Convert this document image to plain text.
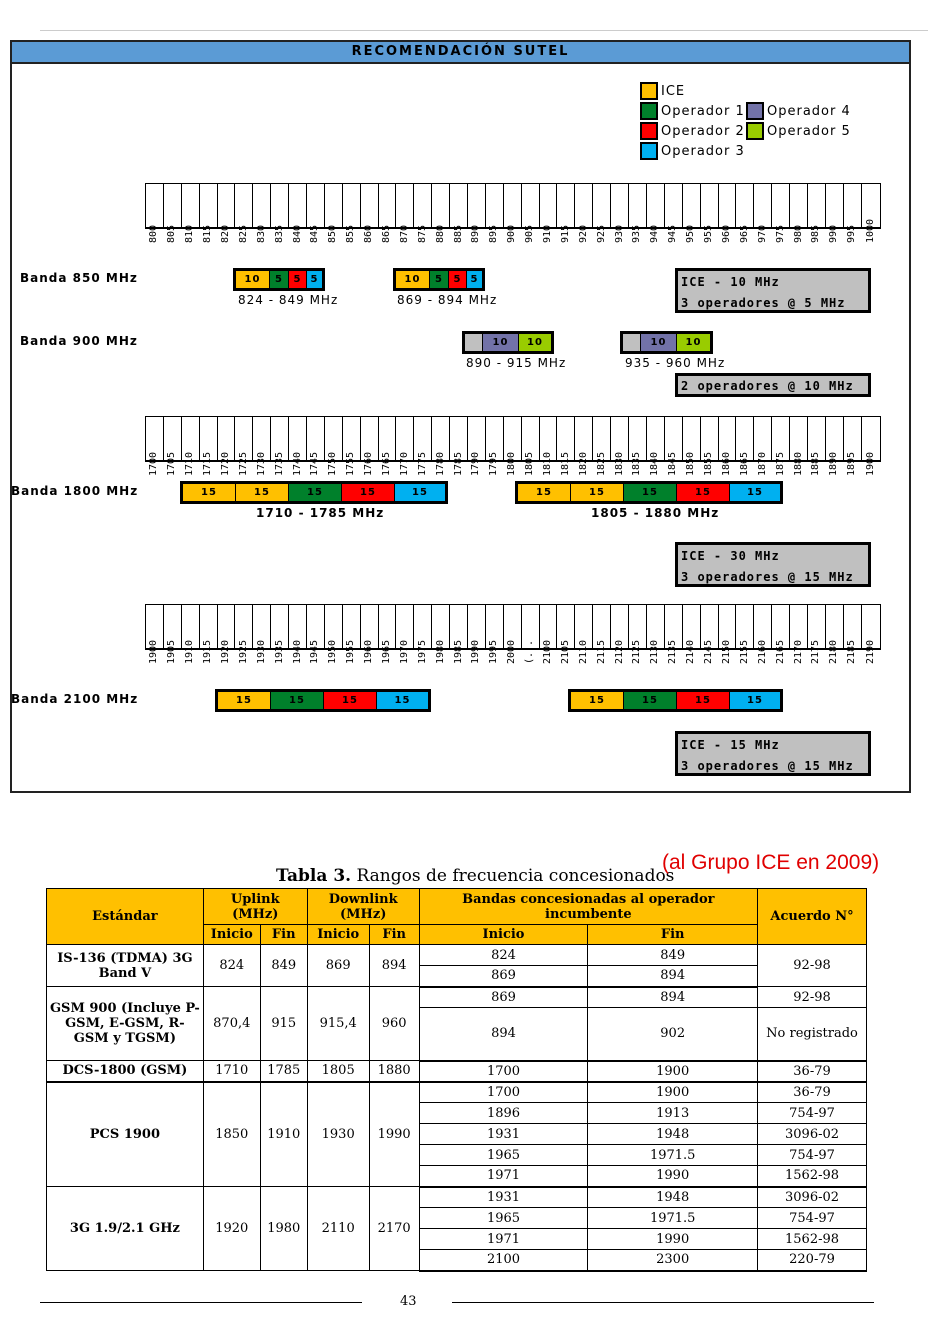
RECOMENDACIÓN SUTEL
ICE
Operador 1
Operador 2
Operador 3
Operador 4
Operador 5
800 805 810 815 820 825 830 835 840 845 850 855 860 865 870 875 880 885 890 895 900 905 910 915 920 925 930 935 940 945 950 955 960 965 970 975 980 985 990 995 1000
1700 1705 1710 1715 1720 1725 1730 1735 1740 1745 1750 1755 1760 1765 1770 1775 1780 1785 1790 1795 1800 1805 1810 1815 1820 1825 1830 1835 1840 1845 1850 1855 1860 1865 1870 1875 1880 1885 1890 1895 1900
1900 1905 1910 1915 1920 1925 1930 1935 1940 1945 1950 1955 1960 1965 1970 1975 1980 1985 1990 1995 2000 (... 2100 2105 2110 2115 2120 2125 2130 2135 2140 2145 2150 2155 2160 2165 2170 2175 2180 2185 2190
Banda 850 MHz	10	5	5 5
824 - 849 MHz
10	5	5 5
869 - 894 MHz
ICE - 10 MHz
3 operadores @ 5 MHz
Banda 900 MHz	10	10
890 - 915 MHz
10	10
935 - 960 MHz
2 operadores @ 10 MHz
Banda 1800 MHz	15	15	15	15	15
1710 - 1785 MHz
15	15	15	15	15
1805 - 1880 MHz
ICE - 30 MHz
3 operadores @ 15 MHz
Banda 2100 MHz	15	15	15	15	15	15	15	15
ICE - 15 MHz
3 operadores @ 15 MHz
Tabla 3. Rangos de frecuencia concesionados
(al Grupo ICE en 2009)
Estándar	Uplink (MHz)		Downlink (MHz)		Bandas concesionadas al operador incumbente		Acuerdo N°
	Inicio	Fin	Inicio	Fin	Inicio	Fin	
IS-136 (TDMA) 3G Band V	824	849	869	894	824	849	92-98
					869	894	
GSM 900 (Incluye P-GSM, E-GSM, R-GSM y TGSM)	870,4	915	915,4	960	869	894	92-98
					894	902	No registrado
DCS-1800 (GSM)	1710	1785	1805	1880	1700	1900	36-79
PCS 1900	1850	1910	1930	1990	1700	1900	36-79
					1896	1913	754-97
					1931	1948	3096-02
					1965	1971.5	754-97
					1971	1990	1562-98
3G 1.9/2.1 GHz	1920	1980	2110	2170	1931	1948	3096-02
					1965	1971.5	754-97
					1971	1990	1562-98
					2100	2300	220-79
43
